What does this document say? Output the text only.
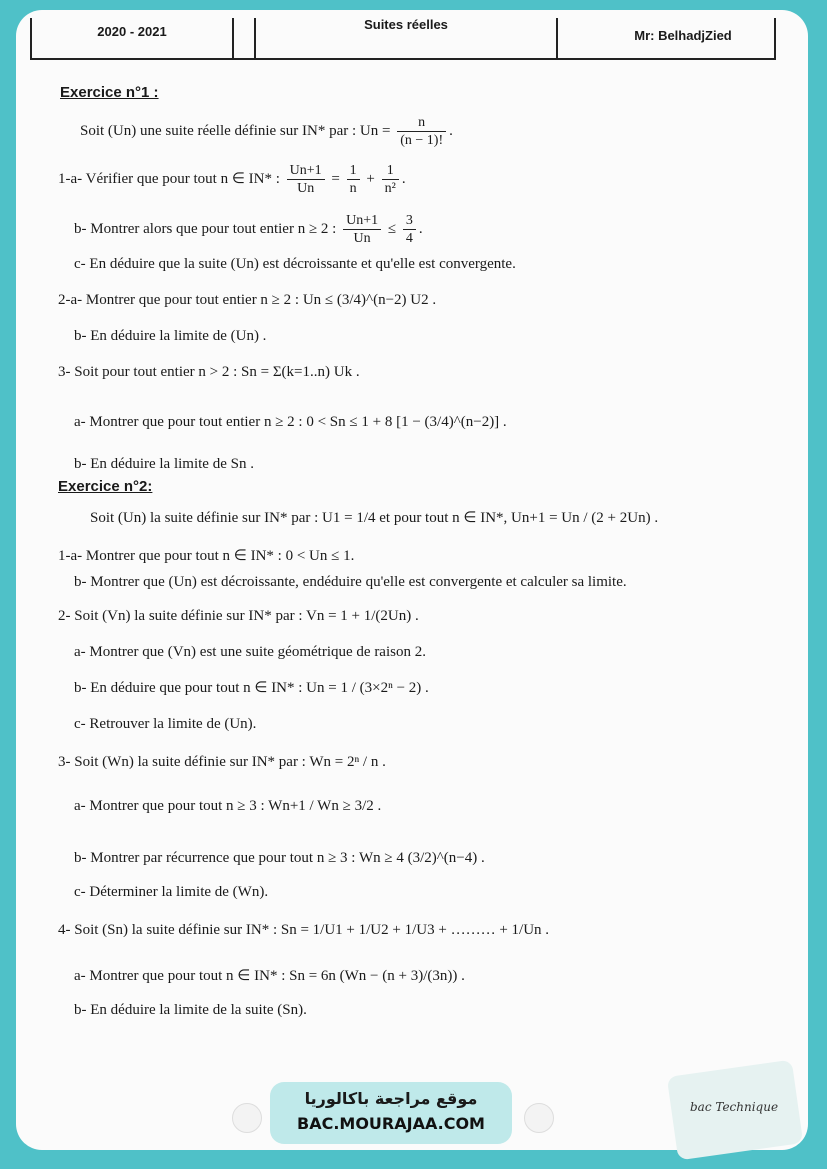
2020 - 2021	Suites réelles
Mr: BelhadjZied
Exercice n°1 :
Soit (Un) une suite réelle définie sur IN* par : $Un = \frac{n}{(n - 1)!}$ .
1-a- Vérifier que pour tout n ∈ IN* : $\frac{Un+1}{Un} = \frac{1}{n} + \frac{1}{\text{n²}}$ .
b- Montrer alors que pour tout entier n ≥ 2 : $\frac{Un+1}{Un} \le \frac{3}{4}$ .
c- En déduire que la suite (Un) est décroissante et qu'elle est convergente.
2-a- Montrer que pour tout entier n ≥ 2 : Un ≤ (3/4)^(n−2) U2 .
b- En déduire la limite de (Un) .
3- Soit pour tout entier n > 2 : Sn = Σ(k=1..n) Uk .
a- Montrer que pour tout entier n ≥ 2 : 0 < Sn ≤ 1 + 8 [1 − (3/4)^(n−2)] .
b- En déduire la limite de Sn .
Exercice n°2:
Soit (Un) la suite définie sur IN* par : U1 = 1/4 et pour tout n ∈ IN*, Un+1 = Un / (2 + 2Un) .
1-a- Montrer que pour tout n ∈ IN* : 0 < Un ≤ 1.
b- Montrer que (Un) est décroissante, endéduire qu'elle est convergente et calculer sa limite.
2- Soit (Vn) la suite définie sur IN* par : Vn = 1 + 1/(2Un) .
a- Montrer que (Vn) est une suite géométrique de raison 2.
b- En déduire que pour tout n ∈ IN* : Un = 1 / (3×2ⁿ − 2) .
c- Retrouver la limite de (Un).
3- Soit (Wn) la suite définie sur IN* par : Wn = 2ⁿ / n .
a- Montrer que pour tout n ≥ 3 : Wn+1 / Wn ≥ 3/2 .
b- Montrer par récurrence que pour tout n ≥ 3 : Wn ≥ 4 (3/2)^(n−4) .
c- Déterminer la limite de (Wn).
4- Soit (Sn) la suite définie sur IN* : Sn = 1/U1 + 1/U2 + 1/U3 + ……… + 1/Un .
a- Montrer que pour tout n ∈ IN* : Sn = 6n (Wn − (n + 3)/(3n)) .
b- En déduire la limite de la suite (Sn).
موقع مراجعة باكالوريا
BAC.MOURAJAA.COM
bac Technique
